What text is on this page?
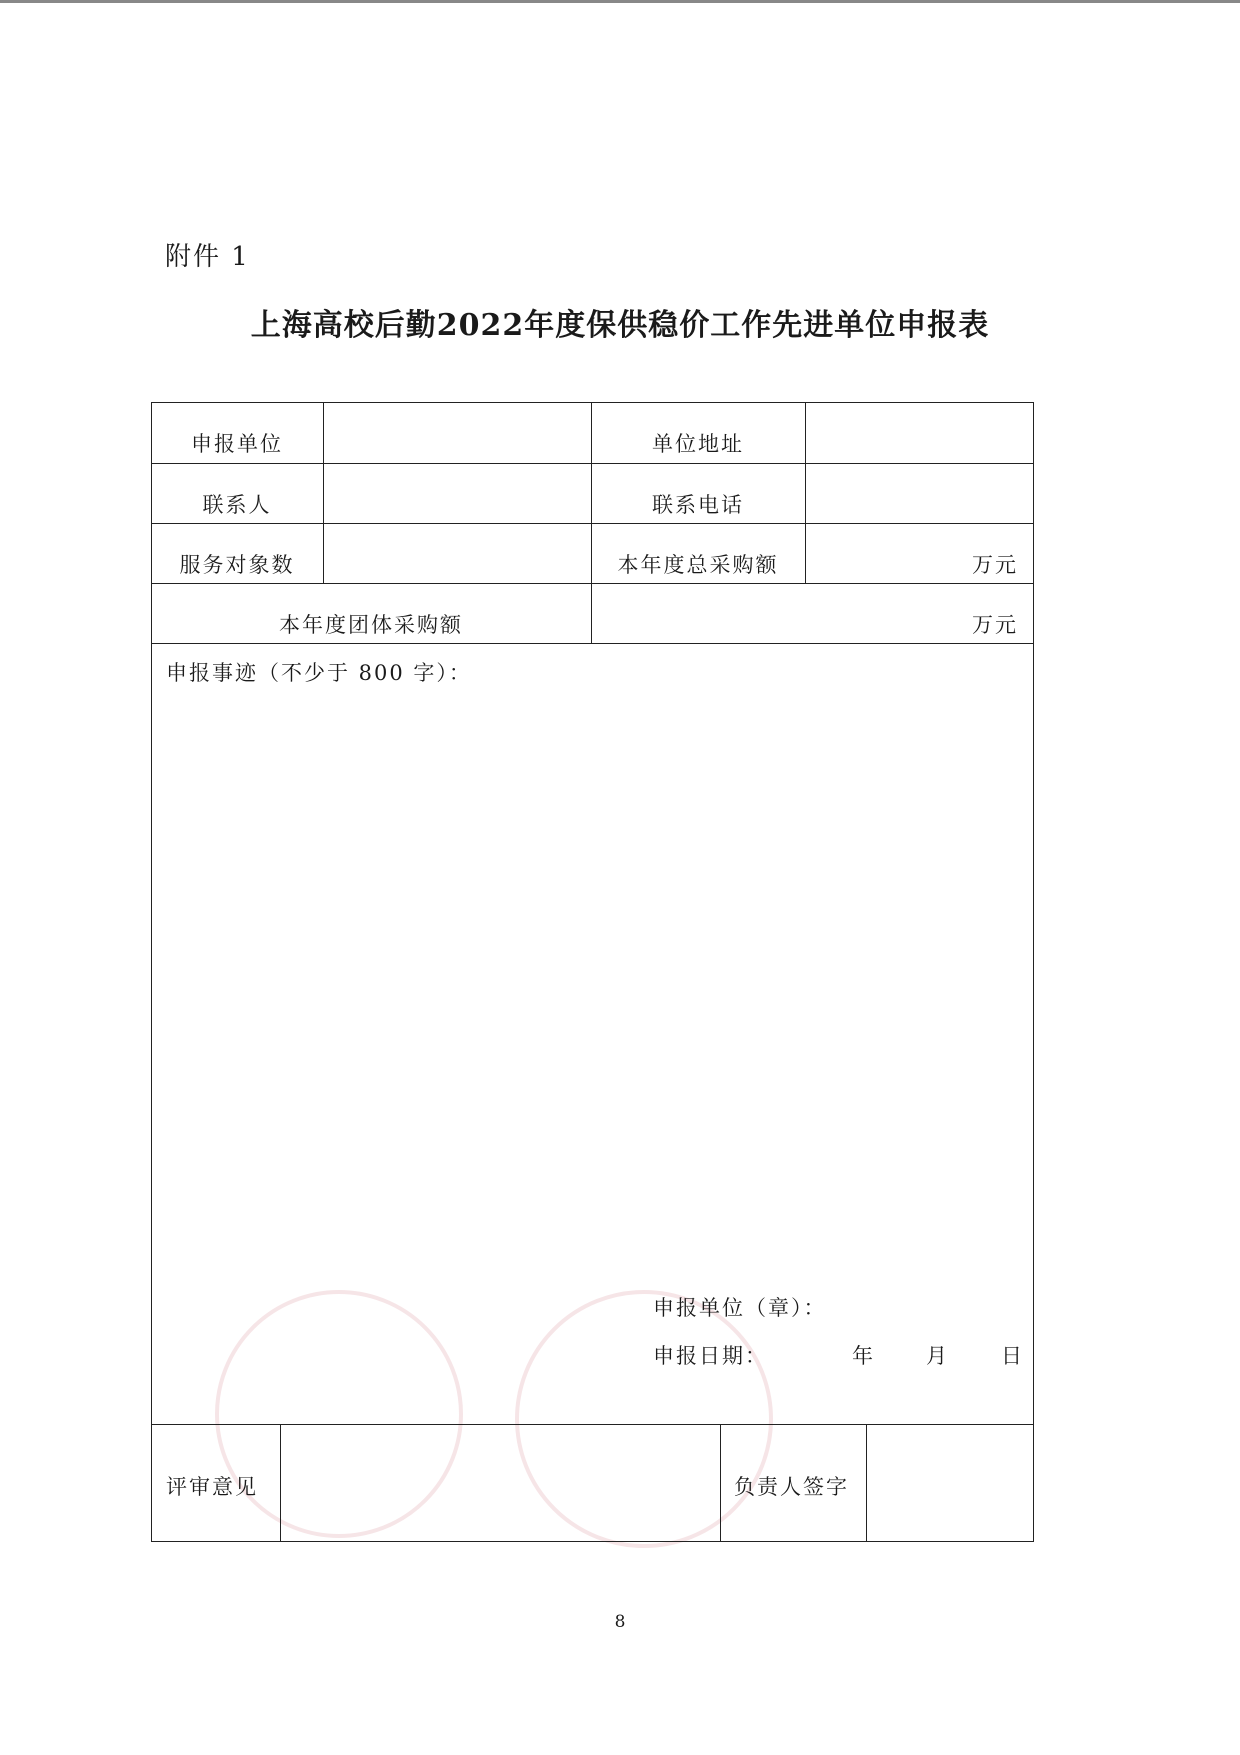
附件 1
上海高校后勤2022年度保供稳价工作先进单位申报表
申报单位	单位地址
联系人	联系电话
服务对象数	本年度总采购额	万元
本年度团体采购额	万元
申报事迹（不少于 800 字）：
申报单位（章）：
申报日期：	年 月 日
评审意见	负责人签字
8
